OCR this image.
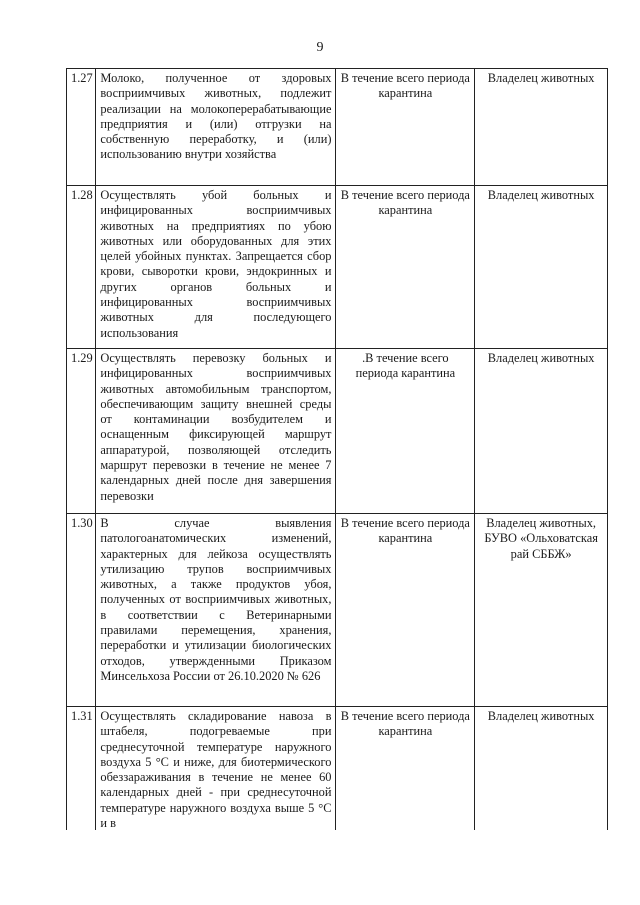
9
1.27	Молоко, полученное от здоровых восприимчивых животных, подлежит реализации на молокоперерабатывающие предприятия и (или) отгрузки на собственную переработку, и (или) использованию внутри хозяйства	В течение всего периода карантина	Владелец животных
1.28	Осуществлять убой больных и инфицированных восприимчивых животных на предприятиях по убою животных или оборудованных для этих целей убойных пунктах. Запрещается сбор крови, сыворотки крови, эндокринных и других органов больных и инфицированных восприимчивых животных для последующего использования	В течение всего периода карантина	Владелец животных
1.29	Осуществлять перевозку больных и инфицированных восприимчивых животных автомобильным транспортом, обеспечивающим защиту внешней среды от контаминации возбудителем и оснащенным фиксирующей маршрут аппаратурой, позволяющей отследить маршрут перевозки в течение не менее 7 календарных дней после дня завершения перевозки	.В течение всего периода карантина	Владелец животных
1.30	В случае выявления патологоанатомических изменений, характерных для лейкоза осуществлять утилизацию трупов восприимчивых животных, а также продуктов убоя, полученных от восприимчивых животных, в соответствии с Ветеринарными правилами перемещения, хранения, переработки и утилизации биологических отходов, утвержденными Приказом Минсельхоза России от 26.10.2020 № 626	В течение всего периода карантина	Владелец животных, БУВО «Ольховатская рай СББЖ»
1.31	Осуществлять складирование навоза в штабеля, подогреваемые при среднесуточной температуре наружного воздуха 5 °С и ниже, для биотермического обеззараживания в течение не менее 60 календарных дней - при среднесуточной температуре наружного воздуха выше 5 °С и в	В течение всего периода карантина	Владелец животных
